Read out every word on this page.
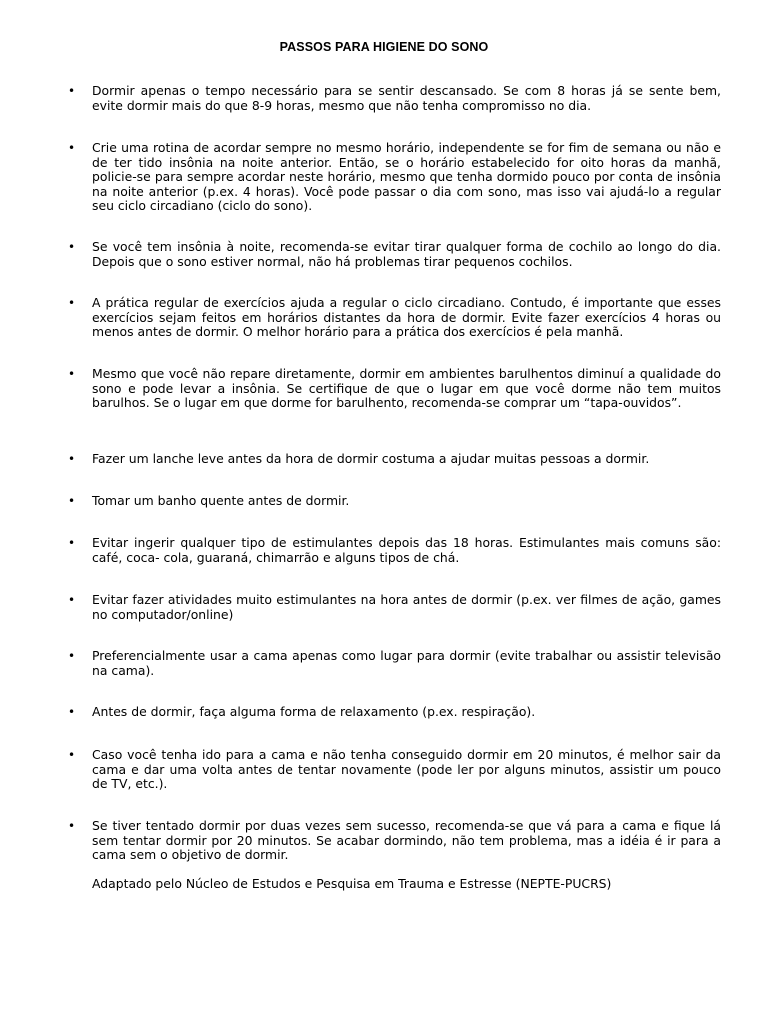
PASSOS PARA HIGIENE DO SONO
• Dormir apenas o tempo necessário para se sentir descansado. Se com 8 horas já se sente bem, evite dormir mais do que 8-9 horas, mesmo que não tenha compromisso no dia.
• Crie uma rotina de acordar sempre no mesmo horário, independente se for fim de semana ou não e de ter tido insônia na noite anterior. Então, se o horário estabelecido for oito horas da manhã, policie-se para sempre acordar neste horário, mesmo que tenha dormido pouco por conta de insônia na noite anterior (p.ex. 4 horas). Você pode passar o dia com sono, mas isso vai ajudá-lo a regular seu ciclo circadiano (ciclo do sono).
• Se você tem insônia à noite, recomenda-se evitar tirar qualquer forma de cochilo ao longo do dia. Depois que o sono estiver normal, não há problemas tirar pequenos cochilos.
• A prática regular de exercícios ajuda a regular o ciclo circadiano. Contudo, é importante que esses exercícios sejam feitos em horários distantes da hora de dormir. Evite fazer exercícios 4 horas ou menos antes de dormir. O melhor horário para a prática dos exercícios é pela manhã.
• Mesmo que você não repare diretamente, dormir em ambientes barulhentos diminuí a qualidade do sono e pode levar a insônia. Se certifique de que o lugar em que você dorme não tem muitos barulhos. Se o lugar em que dorme for barulhento, recomenda-se comprar um “tapa-ouvidos”.
• Fazer um lanche leve antes da hora de dormir costuma a ajudar muitas pessoas a dormir.
• Tomar um banho quente antes de dormir.
• Evitar ingerir qualquer tipo de estimulantes depois das 18 horas. Estimulantes mais comuns são: café, coca- cola, guaraná, chimarrão e alguns tipos de chá.
• Evitar fazer atividades muito estimulantes na hora antes de dormir (p.ex. ver filmes de ação, games no computador/online)
• Preferencialmente usar a cama apenas como lugar para dormir (evite trabalhar ou assistir televisão na cama).
• Antes de dormir, faça alguma forma de relaxamento (p.ex. respiração).
• Caso você tenha ido para a cama e não tenha conseguido dormir em 20 minutos, é melhor sair da cama e dar uma volta antes de tentar novamente (pode ler por alguns minutos, assistir um pouco de TV, etc.).
• Se tiver tentado dormir por duas vezes sem sucesso, recomenda-se que vá para a cama e fique lá sem tentar dormir por 20 minutos. Se acabar dormindo, não tem problema, mas a idéia é ir para a cama sem o objetivo de dormir.
Adaptado pelo Núcleo de Estudos e Pesquisa em Trauma e Estresse (NEPTE-PUCRS)
